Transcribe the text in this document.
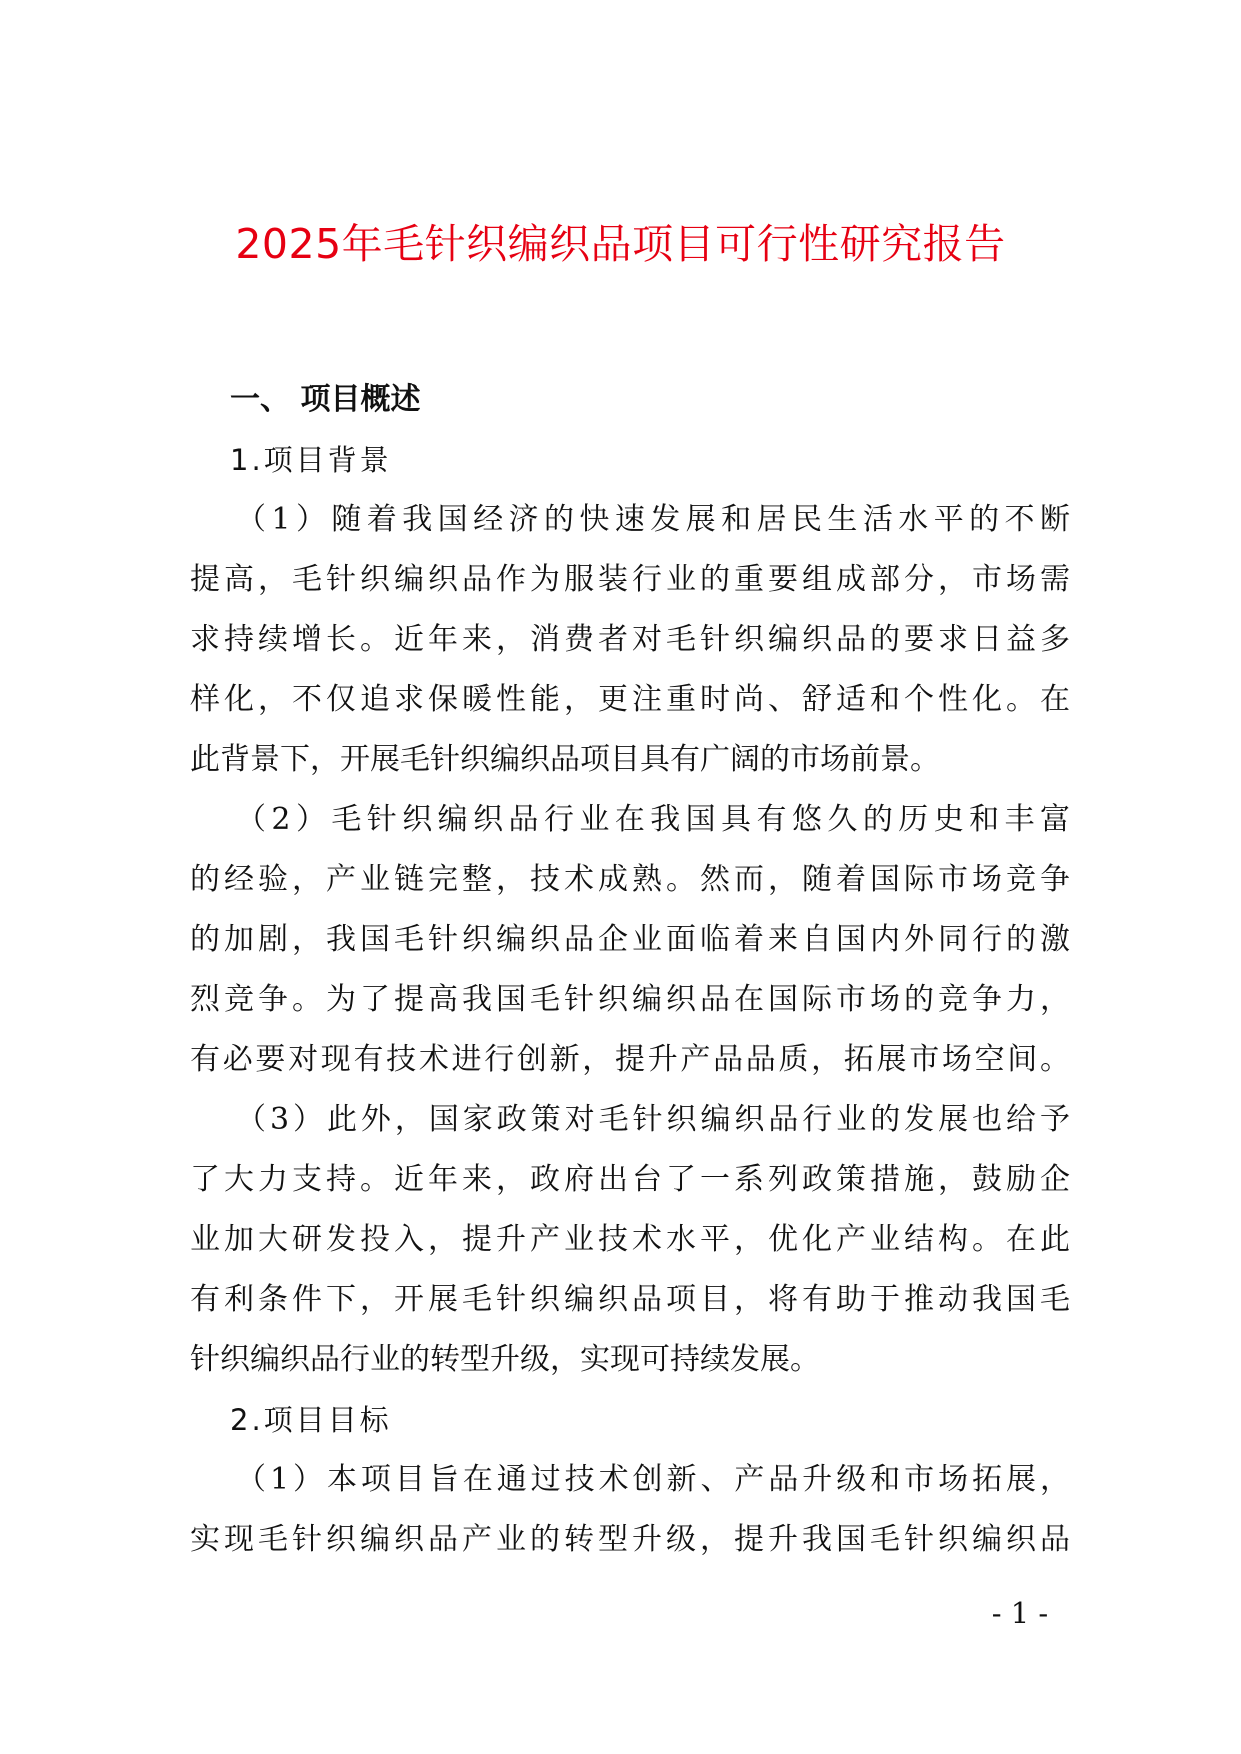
2025年毛针织编织品项目可行性研究报告
一、 项目概述
1.项目背景
（1）随着我国经济的快速发展和居民生活水平的不断
提高，毛针织编织品作为服装行业的重要组成部分，市场需
求持续增长。近年来，消费者对毛针织编织品的要求日益多
样化，不仅追求保暖性能，更注重时尚、舒适和个性化。在
此背景下，开展毛针织编织品项目具有广阔的市场前景。
（2）毛针织编织品行业在我国具有悠久的历史和丰富
的经验，产业链完整，技术成熟。然而，随着国际市场竞争
的加剧，我国毛针织编织品企业面临着来自国内外同行的激
烈竞争。为了提高我国毛针织编织品在国际市场的竞争力，
有必要对现有技术进行创新，提升产品品质，拓展市场空间。
（3）此外，国家政策对毛针织编织品行业的发展也给予
了大力支持。近年来，政府出台了一系列政策措施，鼓励企
业加大研发投入，提升产业技术水平，优化产业结构。在此
有利条件下，开展毛针织编织品项目，将有助于推动我国毛
针织编织品行业的转型升级，实现可持续发展。
2.项目目标
（1）本项目旨在通过技术创新、产品升级和市场拓展，
实现毛针织编织品产业的转型升级，提升我国毛针织编织品
- 1 -
